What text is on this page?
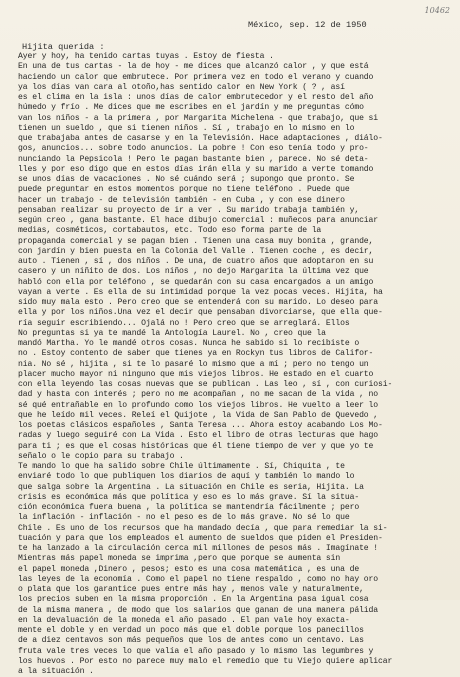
10462
México, sep. 12 de 1950
Hijita querida :
Ayer y hoy, ha tenido cartas tuyas . Estoy de fiesta .
En una de tus cartas - la de hoy - me dices que alcanzó calor , y que está
haciendo un calor que embrutece. Por primera vez en todo el verano y cuando
ya los días van cara al otoño,has sentido calor en New York ( ? , así
es el clima en la isla : unos días de calor embrutecedor y el resto del año
húmedo y frío . Me dices que me escribes en el jardín y me preguntas cómo
van los niños - a la primera , por Margarita Michelena - que trabajo, que si
tienen un sueldo , que si tienen niños . Sí , trabajo en lo mismo en lo
que trabajaba antes de casarse y en la Televisión. Hace adaptaciones , diálo-
gos, anuncios... sobre todo anuncios. La pobre ! Con eso tenía todo y pro-
nunciando la Pepsicola ! Pero le pagan bastante bien , parece. No sé deta-
lles y por eso digo que en estos días irán ella y su marido a verte tomando
se unos días de vacaciones . No sé cuándo será ; supongo que pronto. Se
puede preguntar en estos momentos porque no tiene teléfono . Puede que
hacer un trabajo - de televisión también - en Cuba , y con ese dinero
pensaban realizar su proyecto de ir a ver . Su marido trabaja también y,
según creo , gana bastante. Él hace dibujo comercial : muñecos para anunciar
medias, cosméticos, cortabautos, etc. Todo eso forma parte de la
propaganda comercial y se pagan bien . Tienen una casa muy bonita , grande,
con jardín y bien puesta en la Colonia del Valle . Tienen coche , es decir,
auto . Tienen , sí , dos niños . De una, de cuatro años que adoptaron en su
casero y un niñito de dos. Los niños , no dejo Margarita la última vez que
habló con ella por teléfono , se quedarán con su casa encargados a un amigo
vayan a verte . Es ella de su intimidad porque la vez pocas veces. Hijita, ha
sido muy mala esto . Pero creo que se entenderá con su marido. Lo deseo para
ella y por los niños.Una vez el decir que pensaban divorciarse, que ella que-
ría seguir escribiendo... Ojalá no ! Pero creo que se arreglará. Ellos
No preguntas si ya te mandé la Antología Laurel. No , creo que la
mandó Martha. Yo le mandé otros cosas. Nunca he sabido si lo recibiste o
no . Estoy contento de saber que tienes ya en Rockyn tus libros de Califor-
nia. No sé , hijita , si te lo pasaré lo mismo que a mí ; pero no tengo un
placer mucho mayor ni ninguno que mis viejos libros. He estado en el cuarto
con ella leyendo las cosas nuevas que se publican . Las leo , sí , con curiosi-
dad y hasta con interés ; pero no me acompañan , no me sacan de la vida , no
sé qué entrañable en lo profundo como los viejos libros. He vuelto a leer lo
que he leído mil veces. Releí el Quijote , la Vida de San Pablo de Quevedo ,
los poetas clásicos españoles , Santa Teresa ... Ahora estoy acabando Los Mo-
radas y luego seguiré con La Vida . Esto el libro de otras lecturas que hago
para ti ; es que el cosas históricas que él tiene tiempo de ver y que yo te
señalo o le copio para su trabajo .
Te mando lo que ha salido sobre Chile últimamente . Sí, Chiquita , te
enviaré todo lo que publiquen los diarios de aquí y también lo mando lo
que salga sobre la Argentina . La situación en Chile es seria, Hijita. La
crisis es económica más que política y eso es lo más grave. Sí la situa-
ción económica fuera buena , la política se mantendría fácilmente ; pero
la inflación - inflación - no el peso es de lo más grave. No sé lo que
Chile . Es uno de los recursos que ha mandado decía , que para remediar la si-
tuación y para que los empleados el aumento de sueldos que piden el Presiden-
te ha lanzado a la circulación cerca mil millones de pesos más . Imagínate !
Mientras más papel moneda se imprima ,pero que porque se aumenta sin
el papel moneda ,Dinero , pesos; esto es una cosa matemática , es una de
las leyes de la economía . Como el papel no tiene respaldo , como no hay oro
o plata que los garantice pues entre más hay , menos vale y naturalmente,
los precios suben en la misma proporción . En la Argentina pasa igual cosa
de la misma manera , de modo que los salarios que ganan de una manera pálida
en la devaluación de la moneda el año pasado . El pan vale hoy exacta-
mente el doble y en verdad un poco más que el doble porque los panecillos
de a diez centavos son más pequeños que los de antes como un centavo. Las
fruta vale tres veces lo que valía el año pasado y lo mismo las legumbres y
los huevos . Por esto no parece muy malo el remedio que tu Viejo quiere aplicar
a la situación .
